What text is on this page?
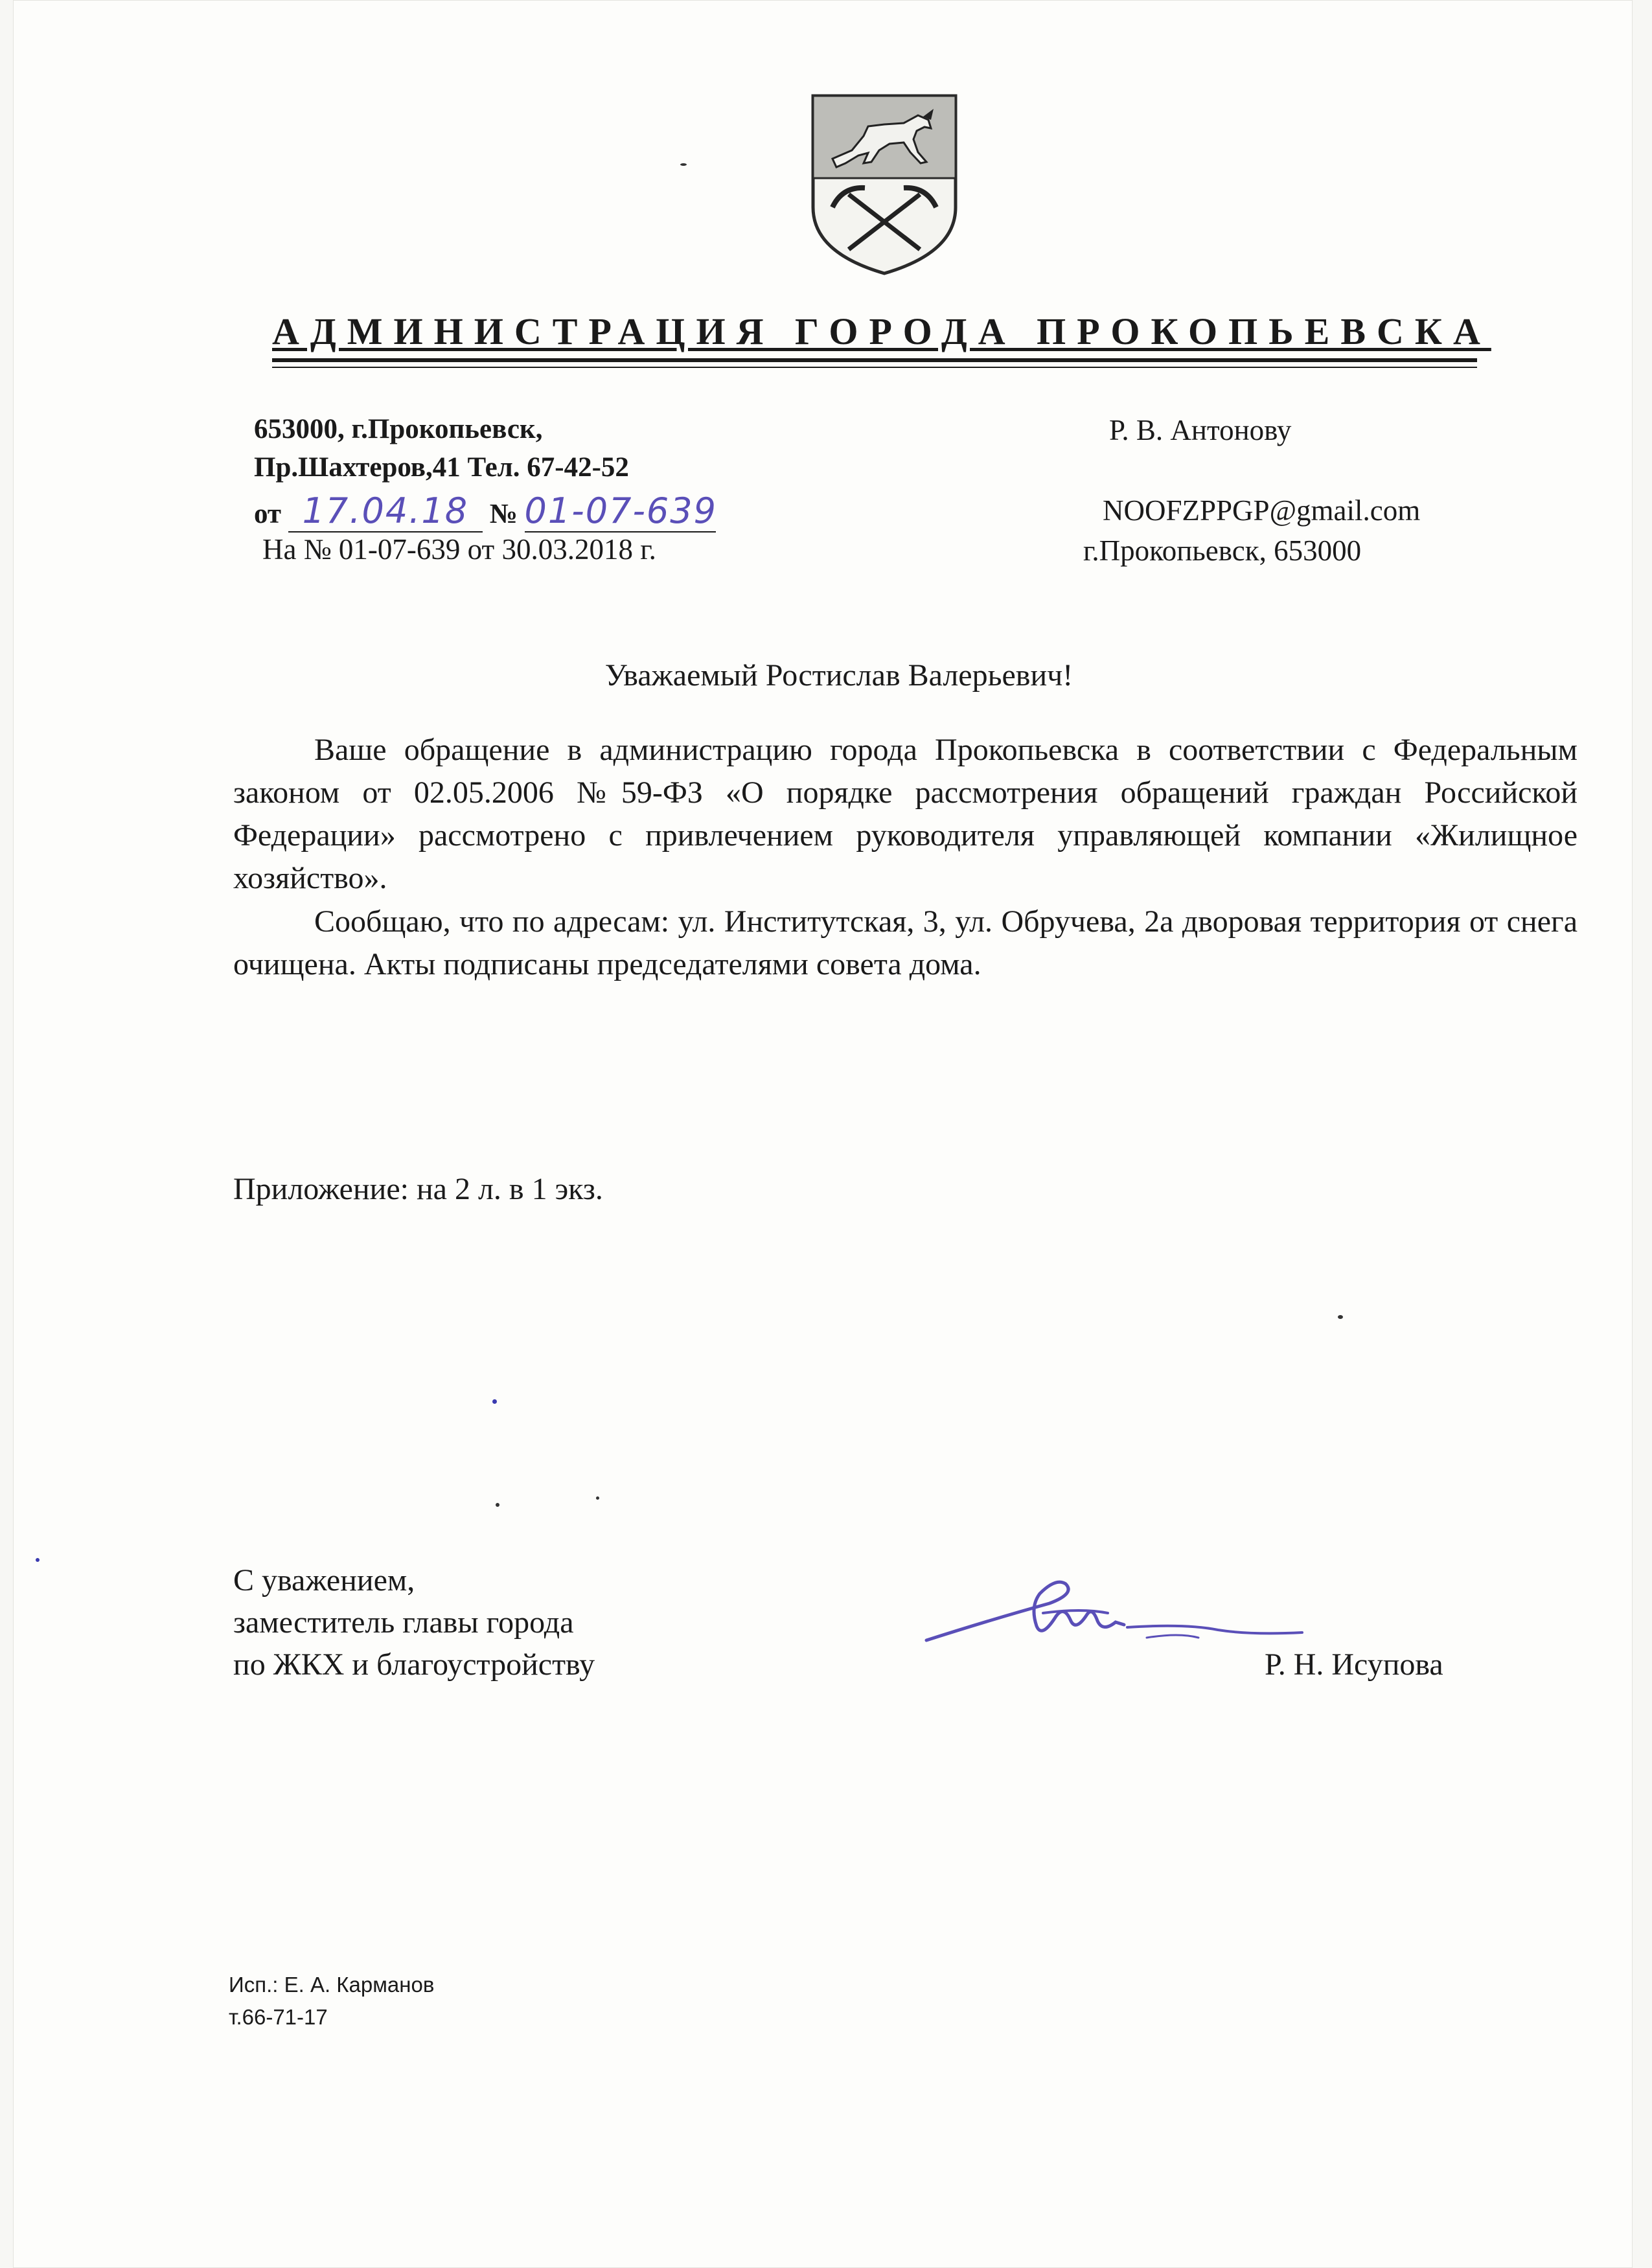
АДМИНИСТРАЦИЯ ГОРОДА ПРОКОПЬЕВСКА
653000, г.Прокопьевск,
Пр.Шахтеров,41 Тел. 67-42-52
от 17.04.18 № 01-07-639
На № 01-07-639 от 30.03.2018 г.
Р. В. Антонову
NOOFZPPGP@gmail.com
г.Прокопьевск, 653000
Уважаемый Ростислав Валерьевич!
Ваше обращение в администрацию города Прокопьевска в соответствии с Федеральным законом от 02.05.2006 №59-ФЗ «О порядке рассмотрения обращений граждан Российской Федерации» рассмотрено с привлечением руководителя управляющей компании «Жилищное хозяйство».
Сообщаю, что по адресам: ул. Институтская, 3, ул. Обручева, 2а дворовая территория от снега очищена. Акты подписаны председателями совета дома.
Приложение: на 2 л. в 1 экз.
С уважением,
заместитель главы города
по ЖКХ и благоустройству	Р. Н. Исупова
Исп.: Е. А. Карманов
т.66-71-17
